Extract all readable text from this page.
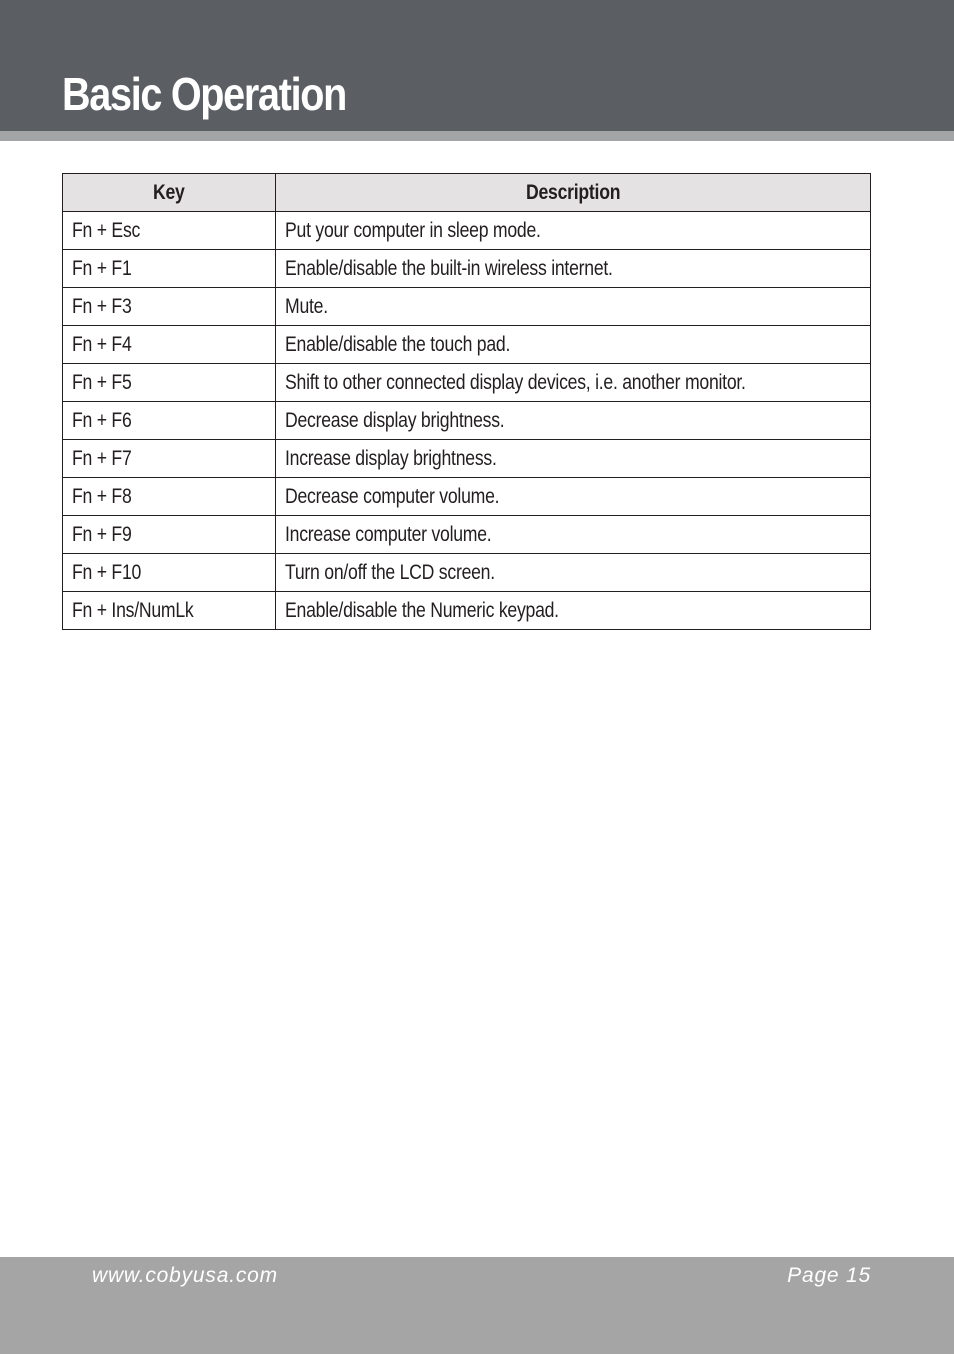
Basic Operation
Key	Description
Fn + Esc	Put your computer in sleep mode.
Fn + F1	Enable/disable the built-in wireless internet.
Fn + F3	Mute.
Fn + F4	Enable/disable the touch pad.
Fn + F5	Shift to other connected display devices, i.e. another monitor.
Fn + F6	Decrease display brightness.
Fn + F7	Increase display brightness.
Fn + F8	Decrease computer volume.
Fn + F9	Increase computer volume.
Fn + F10	Turn on/off the LCD screen.
Fn + Ins/NumLk	Enable/disable the Numeric keypad.
www.cobyusa.com	Page 15
